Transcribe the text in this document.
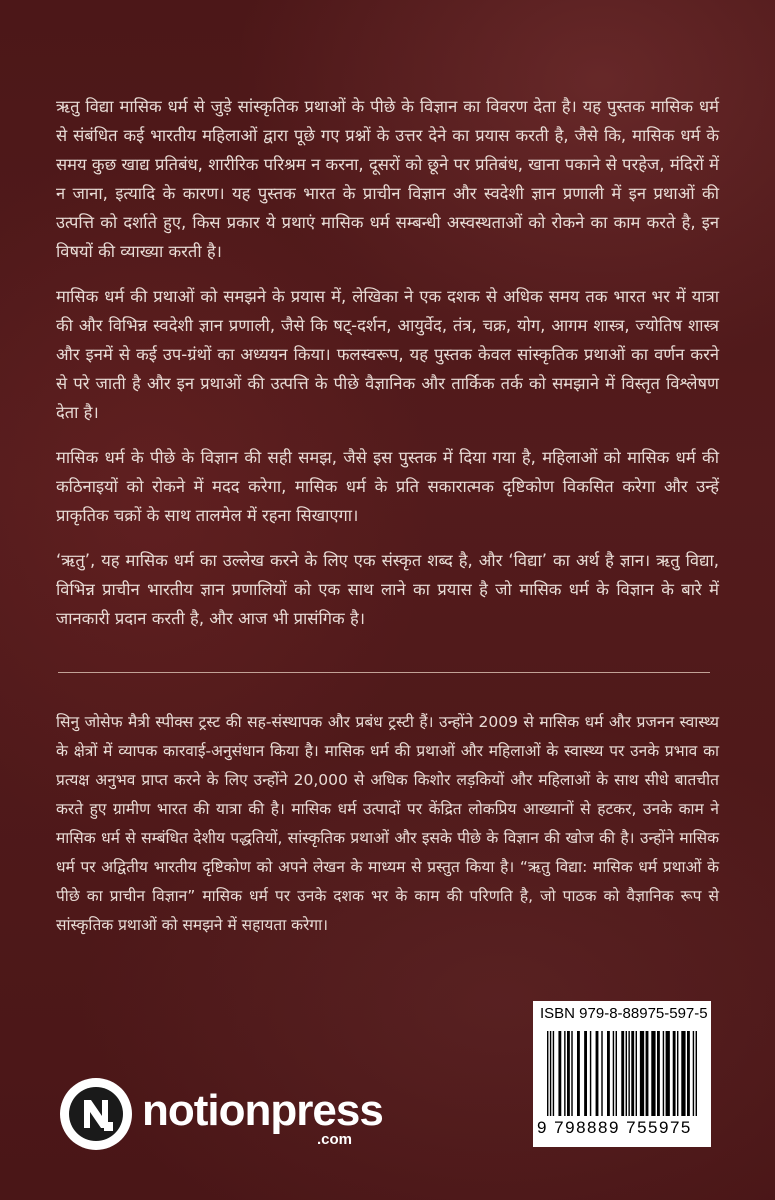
ऋतु विद्या मासिक धर्म से जुड़े सांस्कृतिक प्रथाओं के पीछे के विज्ञान का विवरण देता है। यह पुस्तक मासिक धर्म से संबंधित कई भारतीय महिलाओं द्वारा पूछे गए प्रश्नों के उत्तर देने का प्रयास करती है, जैसे कि, मासिक धर्म के समय कुछ खाद्य प्रतिबंध, शारीरिक परिश्रम न करना, दूसरों को छूने पर प्रतिबंध, खाना पकाने से परहेज, मंदिरों में न जाना, इत्यादि के कारण। यह पुस्तक भारत के प्राचीन विज्ञान और स्वदेशी ज्ञान प्रणाली में इन प्रथाओं की उत्पत्ति को दर्शाते हुए, किस प्रकार ये प्रथाएं मासिक धर्म सम्बन्धी अस्वस्थताओं को रोकने का काम करते है, इन विषयों की व्याख्या करती है।

मासिक धर्म की प्रथाओं को समझने के प्रयास में, लेखिका ने एक दशक से अधिक समय तक भारत भर में यात्रा की और विभिन्न स्वदेशी ज्ञान प्रणाली, जैसे कि षट्-दर्शन, आयुर्वेद, तंत्र, चक्र, योग, आगम शास्त्र, ज्योतिष शास्त्र और इनमें से कई उप-ग्रंथों का अध्ययन किया। फलस्वरूप, यह पुस्तक केवल सांस्कृतिक प्रथाओं का वर्णन करने से परे जाती है और इन प्रथाओं की उत्पत्ति के पीछे वैज्ञानिक और तार्किक तर्क को समझाने में विस्तृत विश्लेषण देता है।

मासिक धर्म के पीछे के विज्ञान की सही समझ, जैसे इस पुस्तक में दिया गया है, महिलाओं को मासिक धर्म की कठिनाइयों को रोकने में मदद करेगा, मासिक धर्म के प्रति सकारात्मक दृष्टिकोण विकसित करेगा और उन्हें प्राकृतिक चक्रों के साथ तालमेल में रहना सिखाएगा।

‘ऋतु’, यह मासिक धर्म का उल्लेख करने के लिए एक संस्कृत शब्द है, और ‘विद्या’ का अर्थ है ज्ञान। ऋतु विद्या, विभिन्न प्राचीन भारतीय ज्ञान प्रणालियों को एक साथ लाने का प्रयास है जो मासिक धर्म के विज्ञान के बारे में जानकारी प्रदान करती है, और आज भी प्रासंगिक है।

सिनु जोसेफ मैत्री स्पीक्स ट्रस्ट की सह-संस्थापक और प्रबंध ट्रस्टी हैं। उन्होंने 2009 से मासिक धर्म और प्रजनन स्वास्थ्य के क्षेत्रों में व्यापक कारवाई-अनुसंधान किया है। मासिक धर्म की प्रथाओं और महिलाओं के स्वास्थ्य पर उनके प्रभाव का प्रत्यक्ष अनुभव प्राप्त करने के लिए उन्होंने 20,000 से अधिक किशोर लड़कियों और महिलाओं के साथ सीधे बातचीत करते हुए ग्रामीण भारत की यात्रा की है। मासिक धर्म उत्पादों पर केंद्रित लोकप्रिय आख्यानों से हटकर, उनके काम ने मासिक धर्म से सम्बंधित देशीय पद्धतियों, सांस्कृतिक प्रथाओं और इसके पीछे के विज्ञान की खोज की है। उन्होंने मासिक धर्म पर अद्वितीय भारतीय दृष्टिकोण को अपने लेखन के माध्यम से प्रस्तुत किया है। “ऋतु विद्या: मासिक धर्म प्रथाओं के पीछे का प्राचीन विज्ञान” मासिक धर्म पर उनके दशक भर के काम की परिणति है, जो पाठक को वैज्ञानिक रूप से सांस्कृतिक प्रथाओं को समझने में सहायता करेगा।

ISBN 979-8-88975-597-5
9 798889 755975
notionpress
.com
